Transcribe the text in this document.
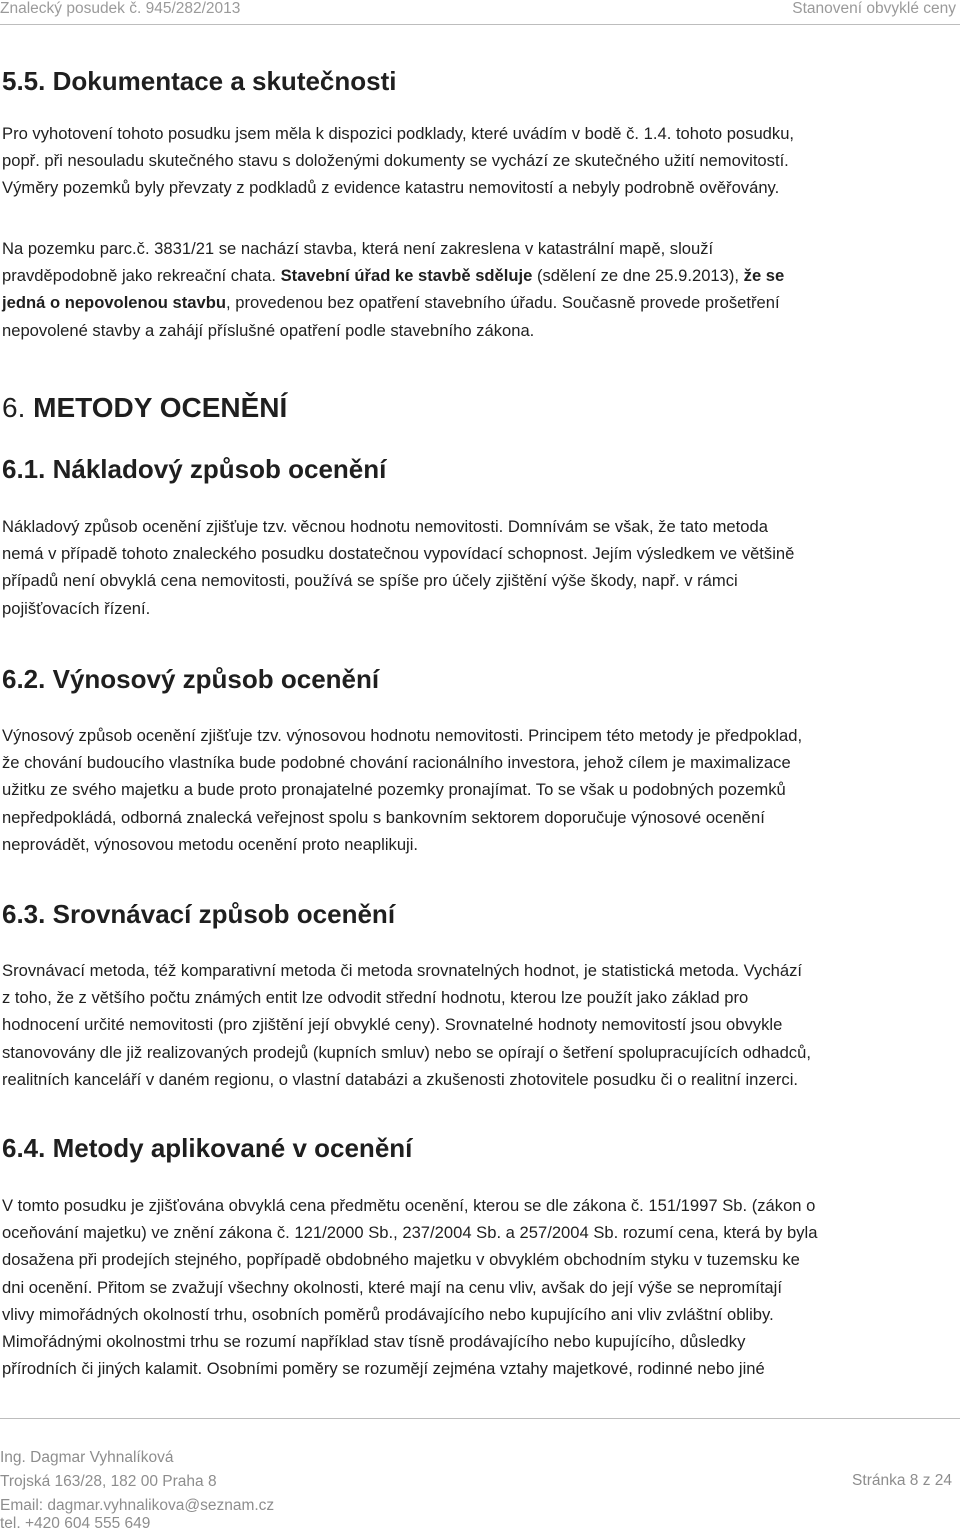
Znalecký posudek č. 945/282/2013	Stanovení obvyklé ceny
5.5. Dokumentace a skutečnosti

Pro vyhotovení tohoto posudku jsem měla k dispozici podklady, které uvádím v bodě č. 1.4. tohoto posudku,
popř. při nesouladu skutečného stavu s doloženými dokumenty se vychází ze skutečného užití nemovitostí.
Výměry pozemků byly převzaty z podkladů z evidence katastru nemovitostí a nebyly podrobně ověřovány.

Na pozemku parc.č. 3831/21 se nachází stavba, která není zakreslena v katastrální mapě, slouží
pravděpodobně jako rekreační chata. Stavební úřad ke stavbě sděluje (sdělení ze dne 25.9.2013), že se
jedná o nepovolenou stavbu, provedenou bez opatření stavebního úřadu. Současně provede prošetření
nepovolené stavby a zahájí příslušné opatření podle stavebního zákona.

6. METODY OCENĚNÍ
6.1. Nákladový způsob ocenění

Nákladový způsob ocenění zjišťuje tzv. věcnou hodnotu nemovitosti. Domnívám se však, že tato metoda
nemá v případě tohoto znaleckého posudku dostatečnou vypovídací schopnost. Jejím výsledkem ve většině
případů není obvyklá cena nemovitosti, používá se spíše pro účely zjištění výše škody, např. v rámci
pojišťovacích řízení.

6.2. Výnosový způsob ocenění

Výnosový způsob ocenění zjišťuje tzv. výnosovou hodnotu nemovitosti. Principem této metody je předpoklad,
že chování budoucího vlastníka bude podobné chování racionálního investora, jehož cílem je maximalizace
užitku ze svého majetku a bude proto pronajatelné pozemky pronajímat. To se však u podobných pozemků
nepředpokládá, odborná znalecká veřejnost spolu s bankovním sektorem doporučuje výnosové ocenění
neprovádět, výnosovou metodu ocenění proto neaplikuji.

6.3. Srovnávací způsob ocenění

Srovnávací metoda, též komparativní metoda či metoda srovnatelných hodnot, je statistická metoda. Vychází
z toho, že z většího počtu známých entit lze odvodit střední hodnotu, kterou lze použít jako základ pro
hodnocení určité nemovitosti (pro zjištění její obvyklé ceny). Srovnatelné hodnoty nemovitostí jsou obvykle
stanovovány dle již realizovaných prodejů (kupních smluv) nebo se opírají o šetření spolupracujících odhadců,
realitních kanceláří v daném regionu, o vlastní databázi a zkušenosti zhotovitele posudku či o realitní inzerci.

6.4. Metody aplikované v ocenění

V tomto posudku je zjišťována obvyklá cena předmětu ocenění, kterou se dle zákona č. 151/1997 Sb. (zákon o
oceňování majetku) ve znění zákona č. 121/2000 Sb., 237/2004 Sb. a 257/2004 Sb. rozumí cena, která by byla
dosažena při prodejích stejného, popřípadě obdobného majetku v obvyklém obchodním styku v tuzemsku ke
dni ocenění. Přitom se zvažují všechny okolnosti, které mají na cenu vliv, avšak do její výše se nepromítají
vlivy mimořádných okolností trhu, osobních poměrů prodávajícího nebo kupujícího ani vliv zvláštní obliby.
Mimořádnými okolnostmi trhu se rozumí například stav tísně prodávajícího nebo kupujícího, důsledky
přírodních či jiných kalamit. Osobními poměry se rozumějí zejména vztahy majetkové, rodinné nebo jiné

Ing. Dagmar Vyhnalíková
Trojská 163/28, 182 00 Praha 8
Email: dagmar.vyhnalikova@seznam.cz
tel. +420 604 555 649
Stránka 8 z 24
